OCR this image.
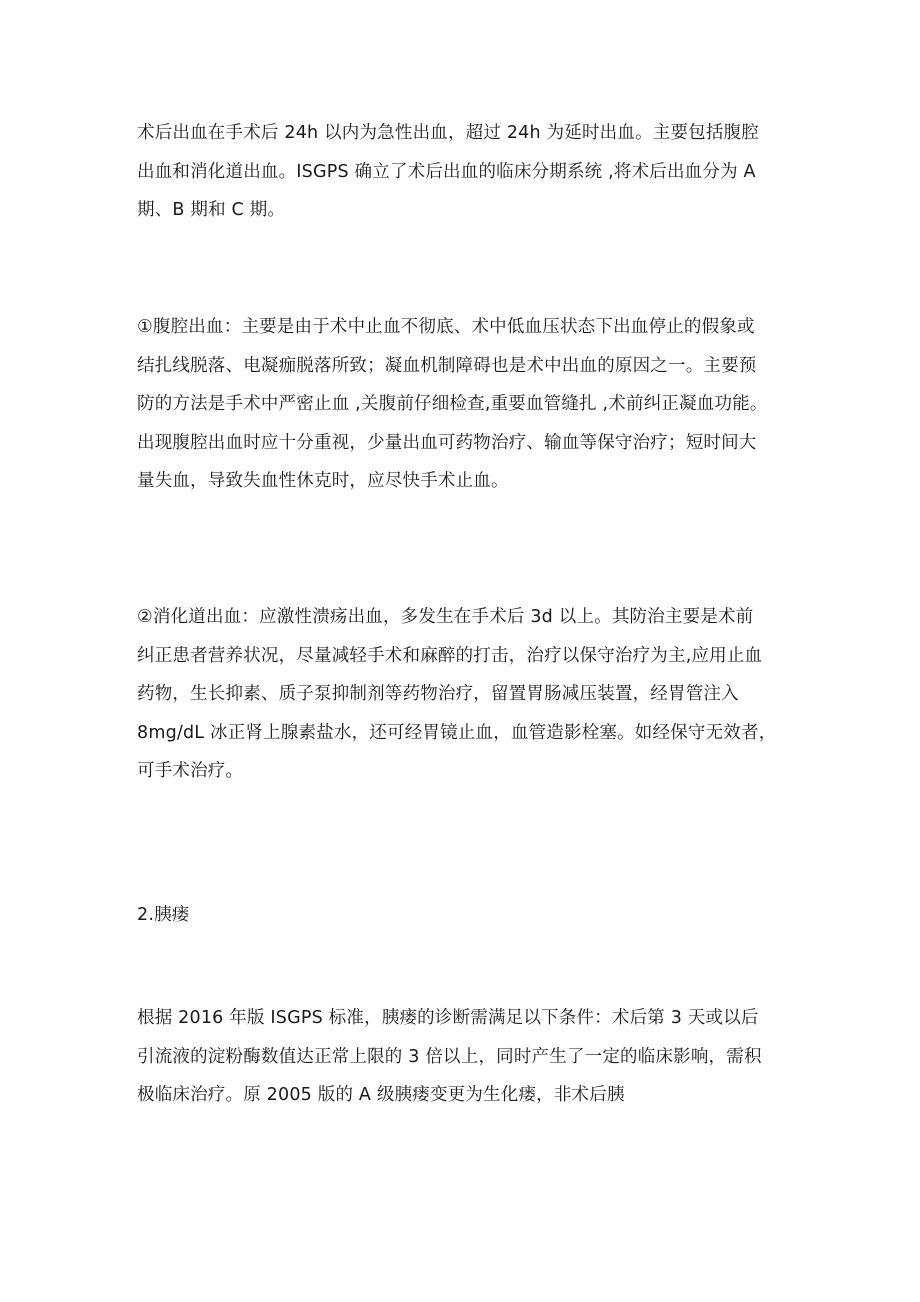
术后出血在手术后 24h 以内为急性出血，超过 24h 为延时出血。主要包括腹腔
出血和消化道出血。ISGPS 确立了术后出血的临床分期系统 ,将术后出血分为 A
期、B 期和 C 期。
①腹腔出血：主要是由于术中止血不彻底、术中低血压状态下出血停止的假象或
结扎线脱落、电凝痂脱落所致；凝血机制障碍也是术中出血的原因之一。主要预
防的方法是手术中严密止血 ,关腹前仔细检查,重要血管缝扎 ,术前纠正凝血功能。
出现腹腔出血时应十分重视，少量出血可药物治疗、输血等保守治疗；短时间大
量失血，导致失血性休克时，应尽快手术止血。
②消化道出血：应激性溃疡出血，多发生在手术后 3d 以上。其防治主要是术前
纠正患者营养状况，尽量减轻手术和麻醉的打击，治疗以保守治疗为主,应用止血
药物，生长抑素、质子泵抑制剂等药物治疗，留置胃肠减压装置，经胃管注入
8mg/dL 冰正肾上腺素盐水，还可经胃镜止血，血管造影栓塞。如经保守无效者，
可手术治疗。
2.胰瘘
根据 2016 年版 ISGPS 标准，胰瘘的诊断需满足以下条件：术后第 3 天或以后
引流液的淀粉酶数值达正常上限的 3 倍以上，同时产生了一定的临床影响，需积
极临床治疗。原 2005 版的 A 级胰瘘变更为生化瘘，非术后胰
